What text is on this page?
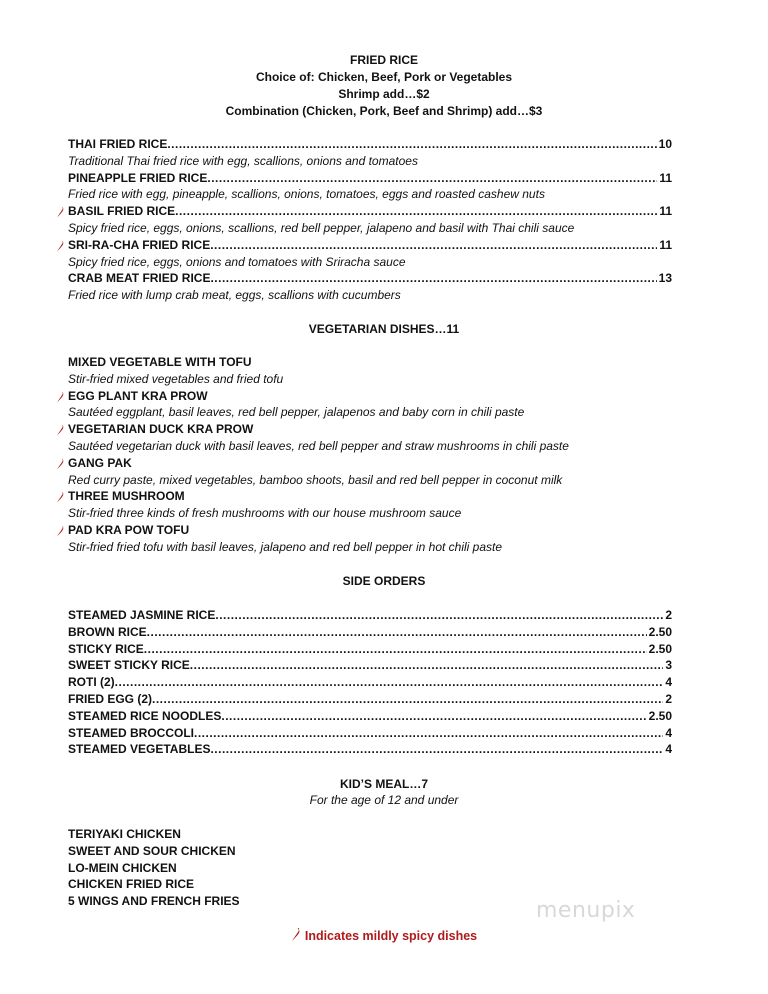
FRIED RICE
Choice of: Chicken, Beef, Pork or Vegetables
Shrimp add…$2
Combination (Chicken, Pork, Beef and Shrimp) add…$3
THAI FRIED RICE .....	10
Traditional Thai fried rice with egg, scallions, onions and tomatoes
PINEAPPLE FRIED RICE .....	11
Fried rice with egg, pineapple, scallions, onions, tomatoes, eggs and roasted cashew nuts
BASIL FRIED RICE .....	11
Spicy fried rice, eggs, onions, scallions, red bell pepper, jalapeno and basil with Thai chili sauce
SRI-RA-CHA FRIED RICE .....	11
Spicy fried rice, eggs, onions and tomatoes with Sriracha sauce
CRAB MEAT FRIED RICE .....	13
Fried rice with lump crab meat, eggs, scallions with cucumbers
VEGETARIAN DISHES…11
MIXED VEGETABLE WITH TOFU
Stir-fried mixed vegetables and fried tofu
EGG PLANT KRA PROW
Sautéed eggplant, basil leaves, red bell pepper, jalapenos and baby corn in chili paste
VEGETARIAN DUCK KRA PROW
Sautéed vegetarian duck with basil leaves, red bell pepper and straw mushrooms in chili paste
GANG PAK
Red curry paste, mixed vegetables, bamboo shoots, basil and red bell pepper in coconut milk
THREE MUSHROOM
Stir-fried three kinds of fresh mushrooms with our house mushroom sauce
PAD KRA POW TOFU
Stir-fried fried tofu with basil leaves, jalapeno and red bell pepper in hot chili paste
SIDE ORDERS
STEAMED JASMINE RICE .....	2
BROWN RICE .....	2.50
STICKY RICE .....	2.50
SWEET STICKY RICE .....	3
ROTI (2) .....	4
FRIED EGG (2) .....	2
STEAMED RICE NOODLES .....	2.50
STEAMED BROCCOLI .....	4
STEAMED VEGETABLES .....	4
KID’S MEAL…7
For the age of 12 and under
TERIYAKI CHICKEN
SWEET AND SOUR CHICKEN
LO-MEIN CHICKEN
CHICKEN FRIED RICE
5 WINGS AND FRENCH FRIES	menupix
Indicates mildly spicy dishes
